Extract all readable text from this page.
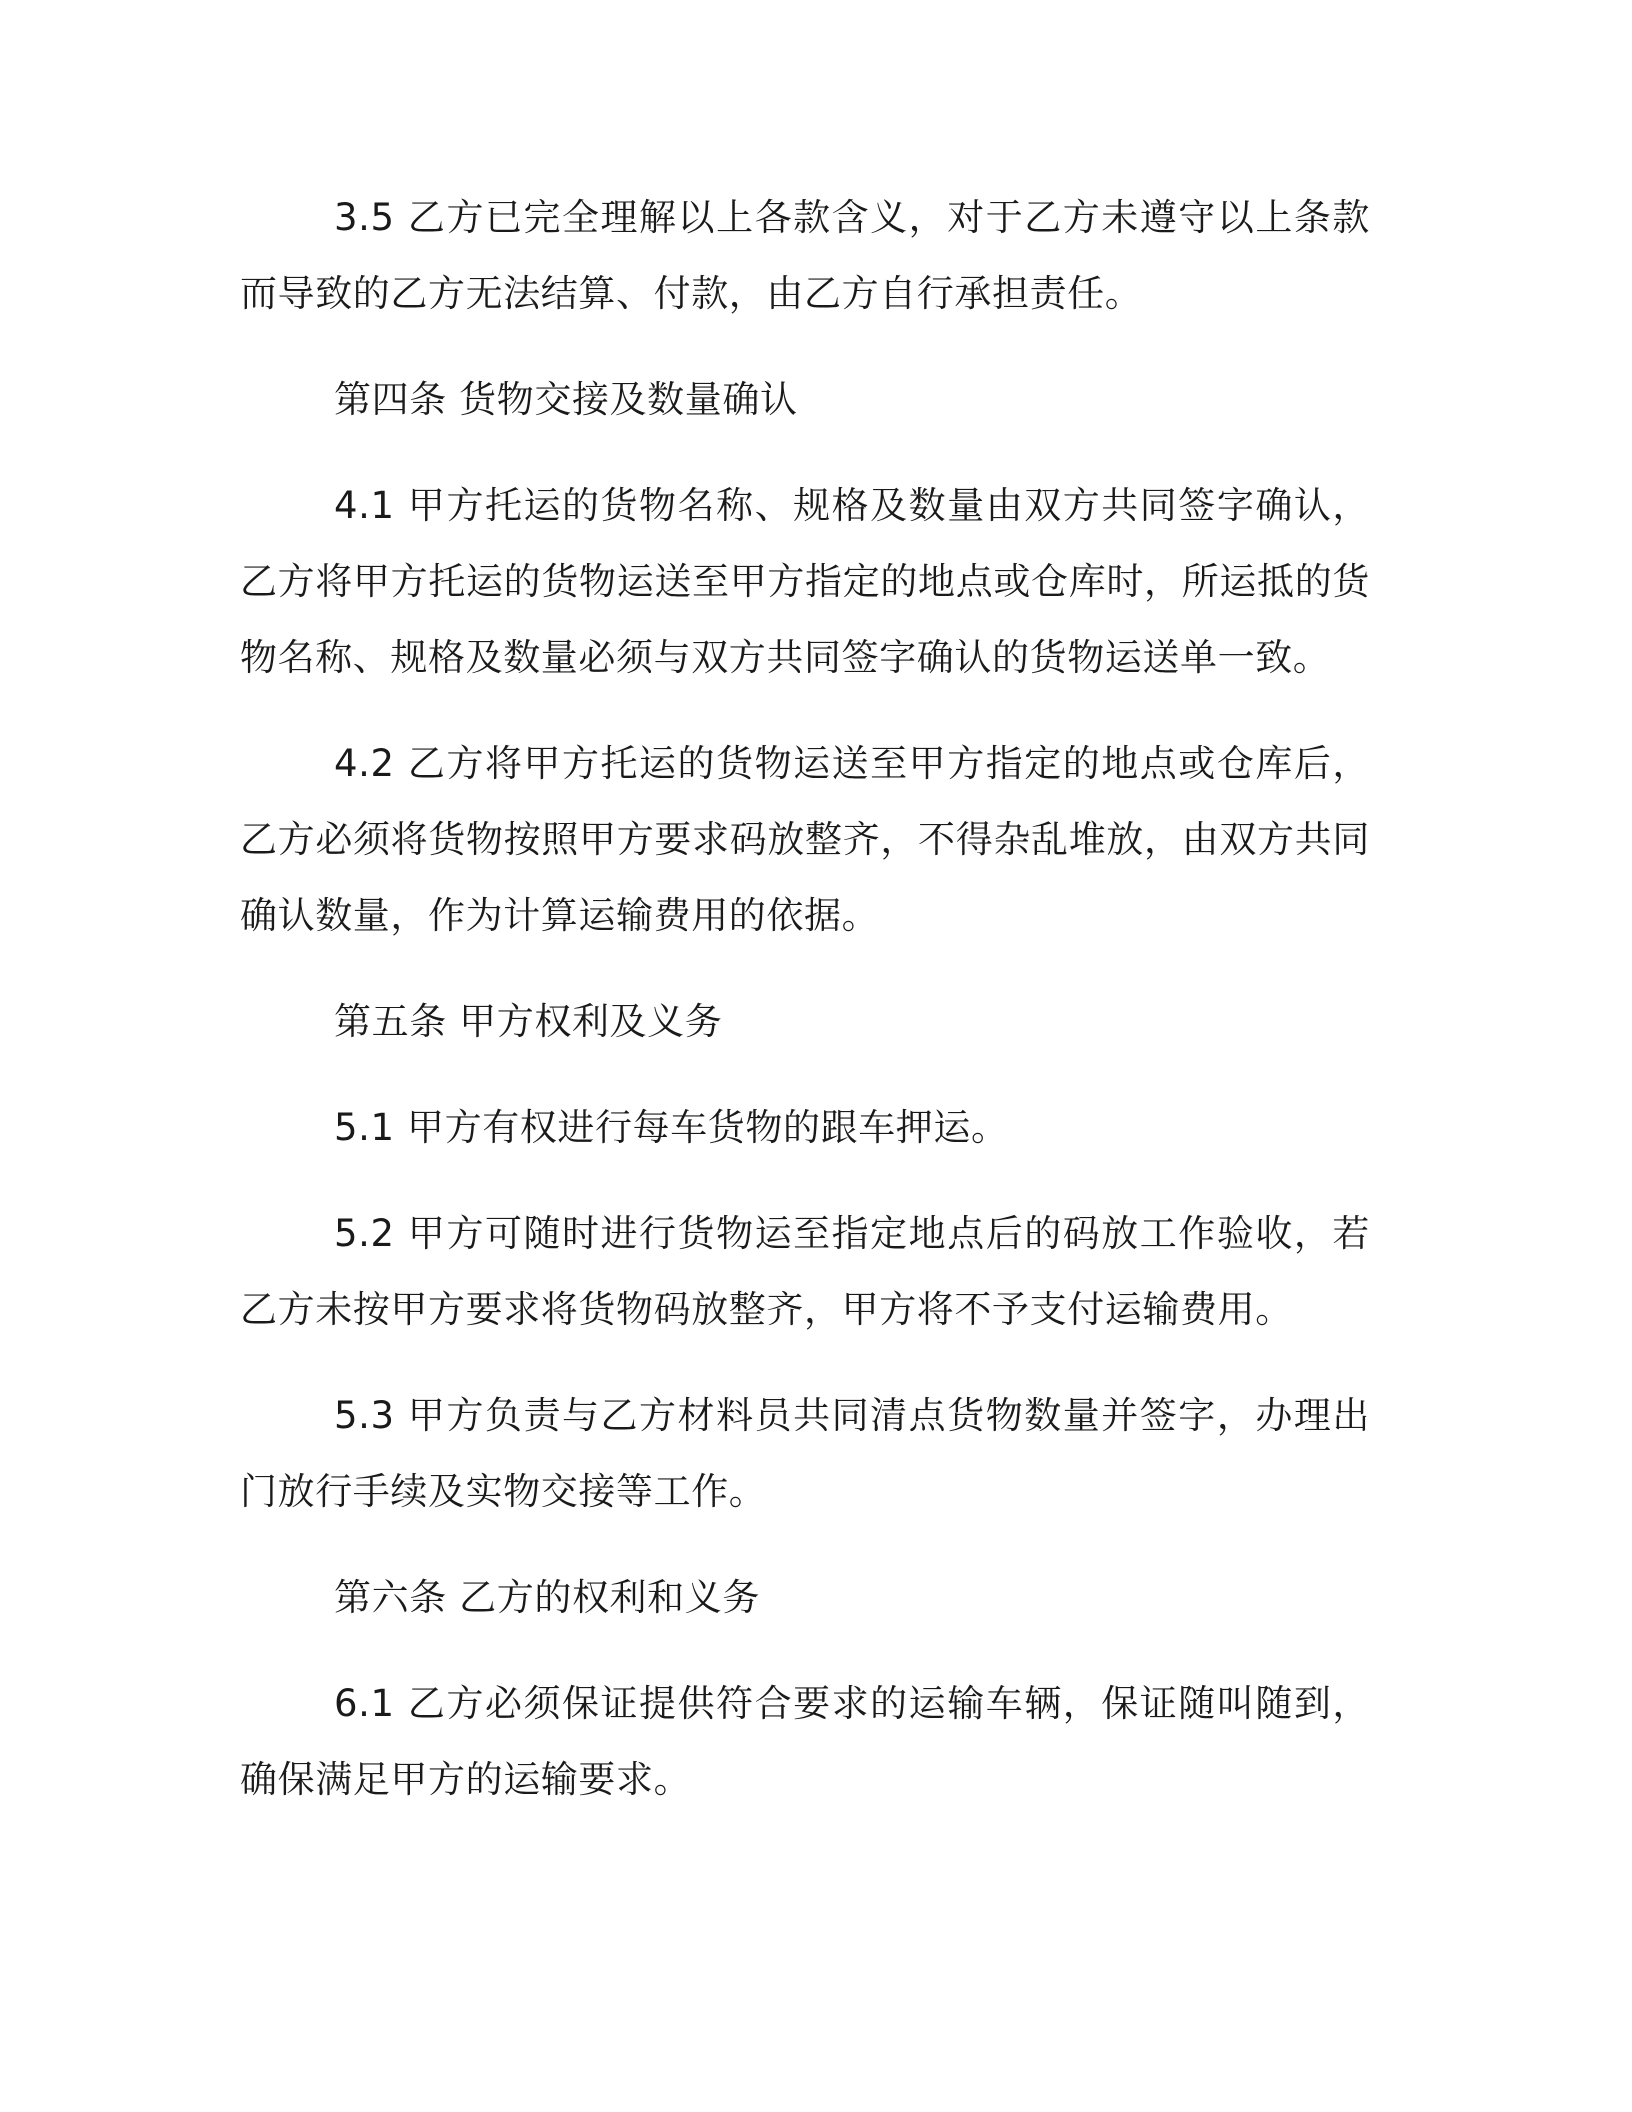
3.5 乙方已完全理解以上各款含义，对于乙方未遵守以上条款而导致的乙方无法结算、付款，由乙方自行承担责任。

第四条 货物交接及数量确认

4.1 甲方托运的货物名称、规格及数量由双方共同签字确认，乙方将甲方托运的货物运送至甲方指定的地点或仓库时，所运抵的货物名称、规格及数量必须与双方共同签字确认的货物运送单一致。

4.2 乙方将甲方托运的货物运送至甲方指定的地点或仓库后，乙方必须将货物按照甲方要求码放整齐，不得杂乱堆放，由双方共同确认数量，作为计算运输费用的依据。

第五条 甲方权利及义务

5.1 甲方有权进行每车货物的跟车押运。

5.2 甲方可随时进行货物运至指定地点后的码放工作验收，若乙方未按甲方要求将货物码放整齐，甲方将不予支付运输费用。

5.3 甲方负责与乙方材料员共同清点货物数量并签字，办理出门放行手续及实物交接等工作。

第六条 乙方的权利和义务

6.1 乙方必须保证提供符合要求的运输车辆，保证随叫随到，确保满足甲方的运输要求。
